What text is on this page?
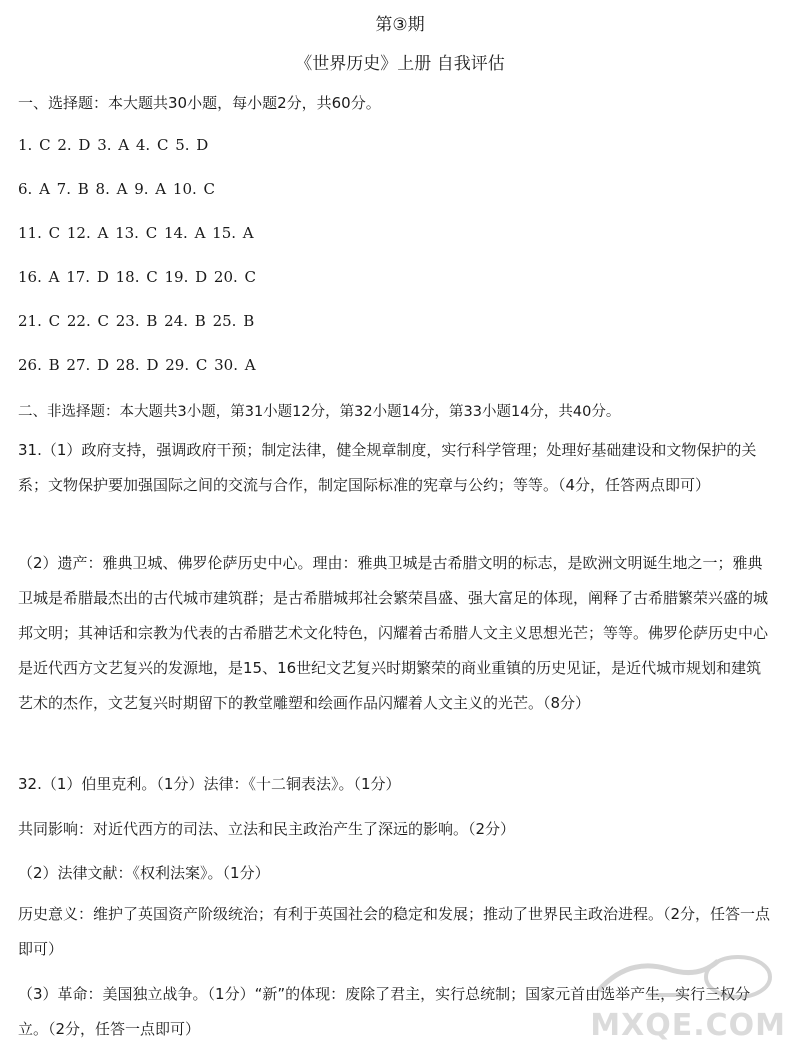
第③期
《世界历史》上册 自我评估
一、选择题：本大题共30小题，每小题2分，共60分。
1. C 2. D 3. A 4. C 5. D
6. A 7. B 8. A 9. A 10. C
11. C 12. A 13. C 14. A 15. A
16. A 17. D 18. C 19. D 20. C
21. C 22. C 23. B 24. B 25. B
26. B 27. D 28. D 29. C 30. A
二、非选择题：本大题共3小题，第31小题12分，第32小题14分，第33小题14分，共40分。
31.（1）政府支持，强调政府干预；制定法律，健全规章制度，实行科学管理；处理好基础建设和文物保护的关系；文物保护要加强国际之间的交流与合作，制定国际标准的宪章与公约；等等。（4分，任答两点即可）
（2）遗产：雅典卫城、佛罗伦萨历史中心。理由：雅典卫城是古希腊文明的标志，是欧洲文明诞生地之一；雅典卫城是希腊最杰出的古代城市建筑群；是古希腊城邦社会繁荣昌盛、强大富足的体现，阐释了古希腊繁荣兴盛的城邦文明；其神话和宗教为代表的古希腊艺术文化特色，闪耀着古希腊人文主义思想光芒；等等。佛罗伦萨历史中心是近代西方文艺复兴的发源地，是15、16世纪文艺复兴时期繁荣的商业重镇的历史见证，是近代城市规划和建筑艺术的杰作，文艺复兴时期留下的教堂雕塑和绘画作品闪耀着人文主义的光芒。（8分）
32.（1）伯里克利。（1分）法律：《十二铜表法》。（1分）
共同影响：对近代西方的司法、立法和民主政治产生了深远的影响。（2分）
（2）法律文献：《权利法案》。（1分）
历史意义：维护了英国资产阶级统治；有利于英国社会的稳定和发展；推动了世界民主政治进程。（2分，任答一点即可）
（3）革命：美国独立战争。（1分）“新”的体现：废除了君主，实行总统制；国家元首由选举产生，实行三权分立。（2分，任答一点即可）	MXQE.COM
